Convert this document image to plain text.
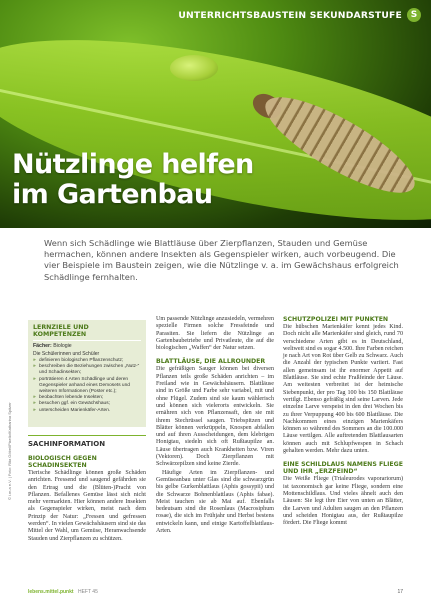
UNTERRICHTSBAUSTEIN SEKUNDARSTUFE S
Nützlinge helfen
im Gartenbau
Wenn sich Schädlinge wie Blattläuse über Zierpflanzen, Stauden und Gemüse hermachen, können andere Insekten als Gegenspieler wirken, auch vorbeugend. Die vier Beispiele im Baustein zeigen, wie die Nützlinge v. a. im Gewächshaus erfolgreich Schädlinge fernhalten.
LERNZIELE UND KOMPETENZEN
Fächer: Biologie
Die Schülerinnen und Schüler
» definieren biologischen Pflanzenschutz;
» beschreiben die Beziehungen zwischen „Nutz-“ und Schadinsekten;
» porträtieren 4 Arten Schädlinge und deren Gegenspieler anhand eines Demosets und weiteren Informationen (Poster etc.);
» beobachten lebende Insekten;
» besuchen ggf. ein Gewächshaus;
» unterscheiden Marienkäfer-Arten.
SACHINFORMATION
BIOLOGISCH GEGEN SCHADINSEKTEN

Tierische Schädlinge können große Schäden anrichten. Fressend und saugend gefährden sie den Ertrag und die (Blüten-)Pracht von Pflanzen. Befallenes Gemüse lässt sich nicht mehr vermarkten. Hier können andere Insekten als Gegenspieler wirken, meist nach dem Prinzip der Natur: „Fressen und gefressen werden“. In vielen Gewächshäusern sind sie das Mittel der Wahl, um Gemüse, Heranwachsende Stauden und Zierpflanzen zu schützen.

Um passende Nützlinge anzusiedeln, vermehren spezielle Firmen solche Fressfeinde und Parasiten. Sie liefern die Nützlinge an Gartenbaubetriebe und Privatleute, die auf die biologischen „Waffen“ der Natur setzen.

BLATTLÄUSE, DIE ALLROUNDER

Die gefräßigen Sauger können bei diversen Pflanzen teils große Schäden anrichten – im Freiland wie in Gewächshäusern. Blattläuse sind in Größe und Farbe sehr variabel, mit und ohne Flügel. Zudem sind sie kaum wählerisch und können sich vielerorts entwickeln. Sie ernähren sich von Pflanzensaft, den sie mit ihrem Stechrüssel saugen. Triebspitzen und Blätter können verkrüppeln, Knospen abfallen und auf ihren Ausscheidungen, dem klebrigen Honigtau, siedeln sich oft Rußtaupilze an. Läuse übertragen auch Krankheiten bzw. Viren (Vektoren). Doch Zierpflanzen mit Schwärzepilzen sind keine Zierde.

Häufige Arten im Zierpflanzen- und Gemüseanbau unter Glas sind die schwarzgrün bis gelbe Gurkenblattlaus (Aphis gossypii) und die Schwarze Bohnenblattlaus (Aphis fabae). Meist tauchen sie ab Mai auf. Ebenfalls bedeutsam sind die Rosenlaus (Macrosiphum rosae), die sich im Frühjahr und Herbst bestens entwickeln kann, und einige Kartoffelblattlaus-Arten.

SCHUTZPOLIZEI MIT PUNKTEN

Die hübschen Marienkäfer kennt jedes Kind. Doch nicht alle Marienkäfer sind gleich, rund 70 verschiedene Arten gibt es in Deutschland, weltweit sind es sogar 4.500. Ihre Farben reichen je nach Art von Rot über Gelb zu Schwarz. Auch die Anzahl der typischen Punkte variiert. Fast allen gemeinsam ist ihr enormer Appetit auf Blattläuse. Sie sind echte Fraßfeinde der Läuse. Am weitesten verbreitet ist der heimische Siebenpunkt, der pro Tag 100 bis 150 Blattläuse vertilgt. Ebenso gefräßig sind seine Larven. Jede einzelne Larve verspeist in den drei Wochen bis zu ihrer Verpuppung 400 bis 600 Blattläuse. Die Nachkommen eines einzigen Marienkäfers können so während des Sommers an die 100.000 Läuse vertilgen. Alle auftretenden Blattlausarten können auch mit Schlupfwespen in Schach gehalten werden. Mehr dazu unten.

EINE SCHILDLAUS NAMENS FLIEGE UND IHR „ERZFEIND“

Die Weiße Fliege (Trialeurodes vaporariorum) ist taxonomisch gar keine Fliege, sondern eine Mottenschildlaus. Und vieles ähnelt auch den Läusen: Sie legt ihre Eier von unten an Blätter, die Larven und Adulten saugen an den Pflanzen und scheiden Honigtau aus, der Rußtaupilze fördert. Die Fliege kommt

© i.m.a e.V. | Foto: Rita Göbel/Pixelio/Katharina Spitzer
lebens.mittel.punkt HEFT 45	17
